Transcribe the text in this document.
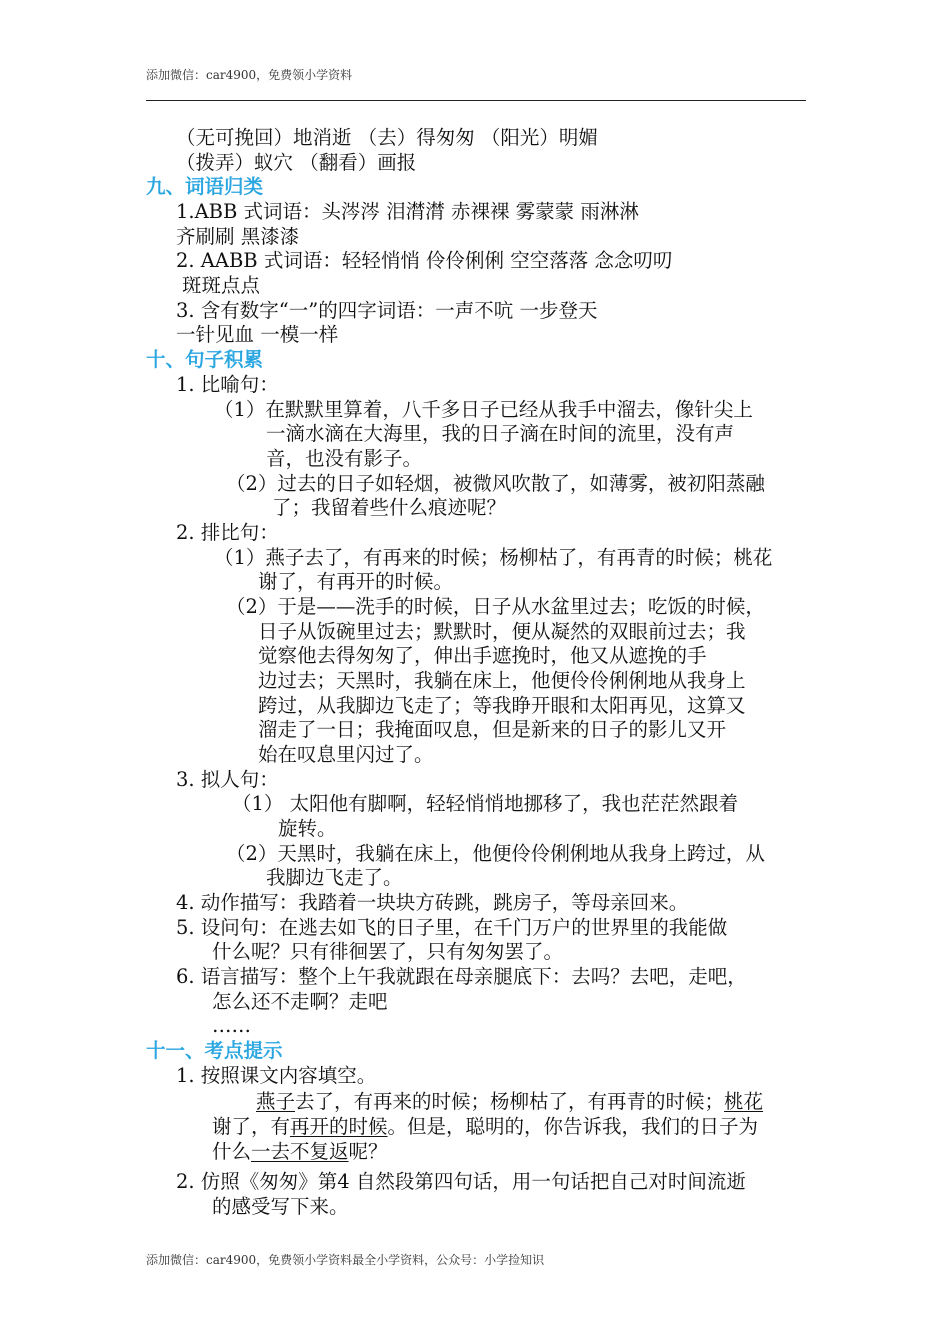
添加微信：car4900，免费领小学资料
（无可挽回）地消逝 （去）得匆匆 （阳光）明媚
（拨弄）蚁穴 （翻看）画报
九、词语归类
1.ABB 式词语：头涔涔 泪潸潸 赤裸裸 雾蒙蒙 雨淋淋
齐刷刷 黑漆漆
2. AABB 式词语：轻轻悄悄 伶伶俐俐 空空落落 念念叨叨
斑斑点点
3. 含有数字“一”的四字词语：一声不吭 一步登天
一针见血 一模一样
十、句子积累
1. 比喻句：
（1）在默默里算着，八千多日子已经从我手中溜去，像针尖上
一滴水滴在大海里，我的日子滴在时间的流里，没有声
音，也没有影子。
（2）过去的日子如轻烟，被微风吹散了，如薄雾，被初阳蒸融
了；我留着些什么痕迹呢？
2. 排比句：
（1）燕子去了，有再来的时候；杨柳枯了，有再青的时候；桃花
谢了，有再开的时候。
（2）于是——洗手的时候，日子从水盆里过去；吃饭的时候，
日子从饭碗里过去；默默时，便从凝然的双眼前过去；我
觉察他去得匆匆了，伸出手遮挽时，他又从遮挽的手
边过去；天黑时，我躺在床上，他便伶伶俐俐地从我身上
跨过，从我脚边飞走了；等我睁开眼和太阳再见，这算又
溜走了一日；我掩面叹息，但是新来的日子的影儿又开
始在叹息里闪过了。
3. 拟人句：
（1） 太阳他有脚啊，轻轻悄悄地挪移了，我也茫茫然跟着
旋转。
（2）天黑时，我躺在床上，他便伶伶俐俐地从我身上跨过，从
我脚边飞走了。
4. 动作描写：我踏着一块块方砖跳，跳房子，等母亲回来。
5. 设问句：在逃去如飞的日子里，在千门万户的世界里的我能做
什么呢？只有徘徊罢了，只有匆匆罢了。
6. 语言描写：整个上午我就跟在母亲腿底下：去吗？去吧，走吧，
怎么还不走啊？走吧
……
十一、考点提示
1. 按照课文内容填空。
燕子去了，有再来的时候；杨柳枯了，有再青的时候；桃花
谢了，有再开的时候。但是，聪明的，你告诉我，我们的日子为
什么一去不复返呢？
2. 仿照《匆匆》第4 自然段第四句话，用一句话把自己对时间流逝
的感受写下来。
添加微信：car4900，免费领小学资料最全小学资料，公众号：小学捡知识
